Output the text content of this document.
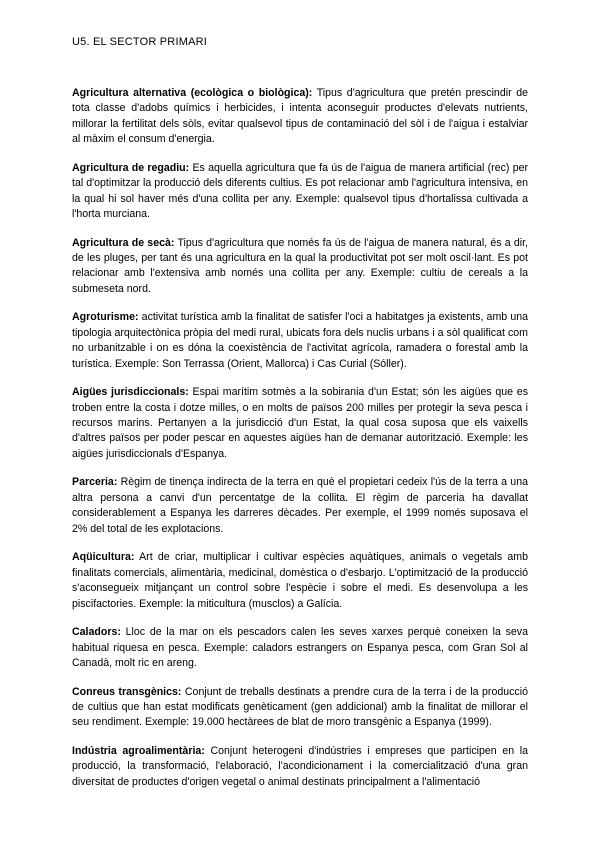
U5. EL SECTOR PRIMARI

Agricultura alternativa (ecològica o biològica): Tipus d'agricultura que pretén prescindir de tota classe d'adobs químics i herbicides, i intenta aconseguir productes d'elevats nutrients, millorar la fertilitat dels sòls, evitar qualsevol tipus de contaminació del sòl i de l'aigua i estalviar al màxim el consum d'energia.

Agricultura de regadiu: Es aquella agricultura que fa ús de l'aigua de manera artificial (rec) per tal d'optimitzar la producció dels diferents cultius. Es pot relacionar amb l'agricultura intensiva, en la qual hi sol haver més d'una collita per any. Exemple: qualsevol tipus d'hortalissa cultivada a l'horta murciana.

Agricultura de secà: Tipus d'agricultura que només fa ús de l'aigua de manera natural, és a dir, de les pluges, per tant és una agricultura en la qual la productivitat pot ser molt oscil·lant. Es pot relacionar amb l'extensiva amb només una collita per any. Exemple: cultiu de cereals a la submeseta nord.

Agroturisme: activitat turística amb la finalitat de satisfer l'oci a habitatges ja existents, amb una tipologia arquitectònica pròpia del medi rural, ubicats fora dels nuclis urbans i a sòl qualificat com no urbanitzable i on es dóna la coexistència de l'activitat agrícola, ramadera o forestal amb la turística. Exemple: Son Terrassa (Orient, Mallorca) i Cas Curial (Sóller).

Aigües jurisdiccionals: Espai marítim sotmès a la sobirania d'un Estat; són les aigües que es troben entre la costa i dotze milles, o en molts de països 200 milles per protegir la seva pesca i recursos marins. Pertanyen a la jurisdicció d'un Estat, la qual cosa suposa que els vaixells d'altres països per poder pescar en aquestes aigües han de demanar autorització. Exemple: les aigües jurisdiccionals d'Espanya.

Parceria: Règim de tinença indirecta de la terra en què el propietari cedeix l'ús de la terra a una altra persona a canvi d'un percentatge de la collita. El règim de parceria ha davallat considerablement a Espanya les darreres dècades. Per exemple, el 1999 només suposava el 2% del total de les explotacions.

Aqüicultura: Art de criar, multiplicar i cultivar espècies aquàtiques, animals o vegetals amb finalitats comercials, alimentària, medicinal, domèstica o d'esbarjo. L'optimització de la producció s'aconsegueix mitjançant un control sobre l'espècie i sobre el medi. Es desenvolupa a les piscifactories. Exemple: la miticultura (musclos) a Galícia.

Caladors: Lloc de la mar on els pescadors calen les seves xarxes perquè coneixen la seva habitual riquesa en pesca. Exemple: caladors estrangers on Espanya pesca, com Gran Sol al Canadà, molt ric en areng.

Conreus transgènics: Conjunt de treballs destinats a prendre cura de la terra i de la producció de cultius que han estat modificats genèticament (gen addicional) amb la finalitat de millorar el seu rendiment. Exemple: 19.000 hectàrees de blat de moro transgènic a Espanya (1999).

Indústria agroalimentària: Conjunt heterogeni d'indústries i empreses que participen en la producció, la transformació, l'elaboració, l'acondicionament i la comercialització d'una gran diversitat de productes d'origen vegetal o animal destinats principalment a l'alimentació
